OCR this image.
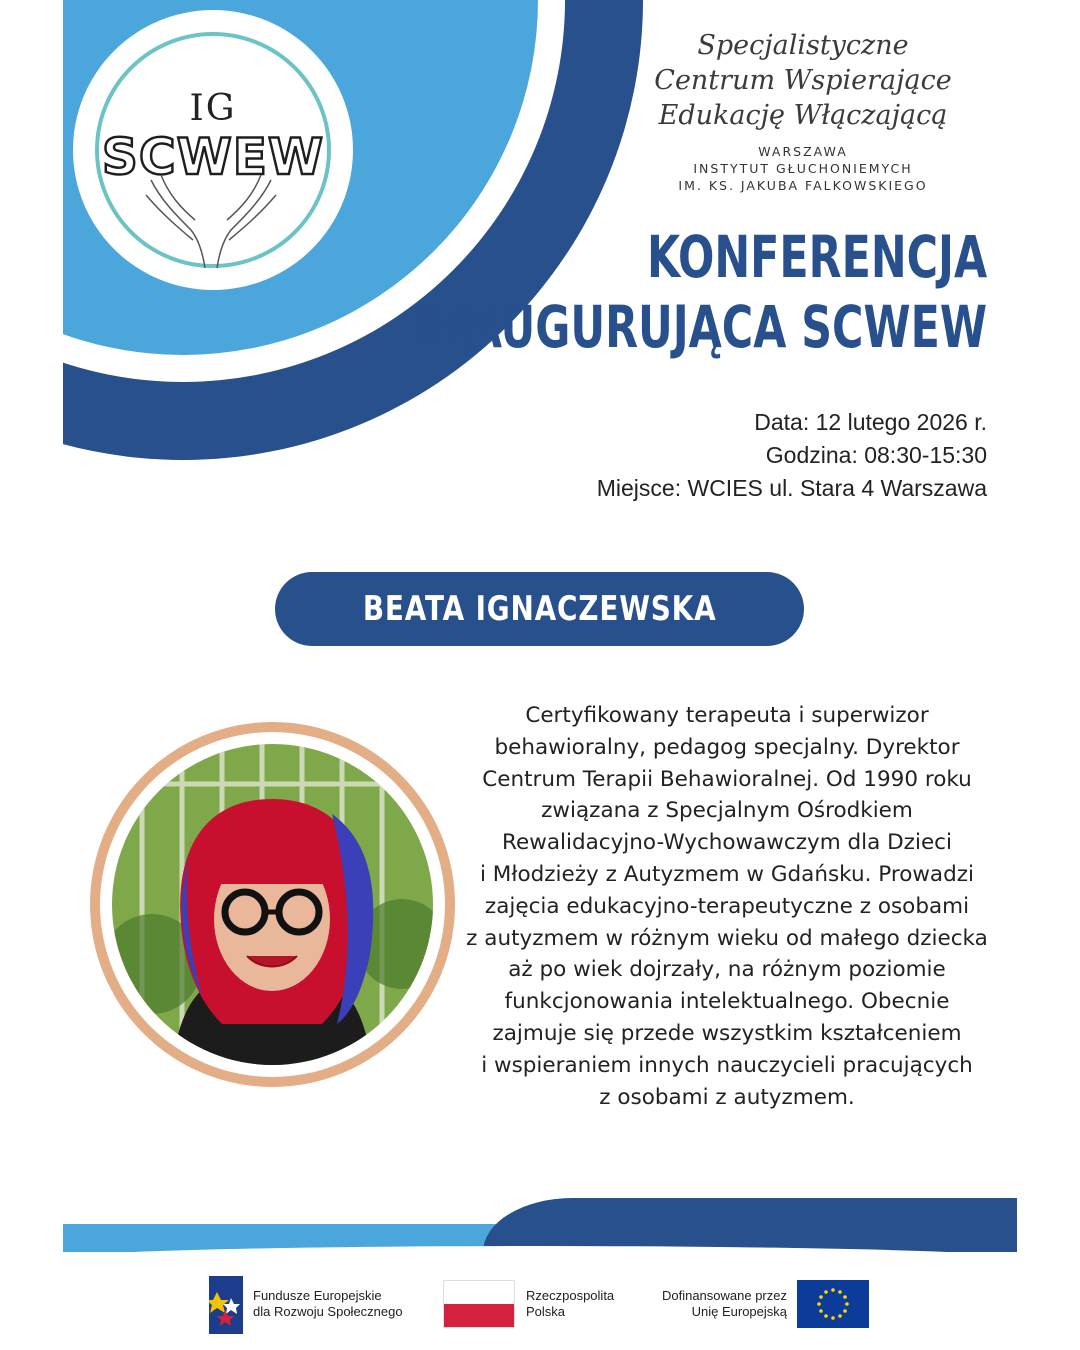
IG
SCWEW
Specjalistyczne
Centrum Wspierające
Edukację Włączającą
WARSZAWA
INSTYTUT GŁUCHONIEMYCH
IM. KS. JAKUBA FALKOWSKIEGO
KONFERENCJA
INAUGURUJĄCA SCWEW
Data: 12 lutego 2026 r.
Godzina: 08:30-15:30
Miejsce: WCIES ul. Stara 4 Warszawa
BEATA IGNACZEWSKA
Certyfikowany terapeuta i superwizor
behawioralny, pedagog specjalny. Dyrektor
Centrum Terapii Behawioralnej. Od 1990 roku
związana z Specjalnym Ośrodkiem
Rewalidacyjno-Wychowawczym dla Dzieci
i Młodzieży z Autyzmem w Gdańsku. Prowadzi
zajęcia edukacyjno-terapeutyczne z osobami
z autyzmem w różnym wieku od małego dziecka
aż po wiek dojrzały, na różnym poziomie
funkcjonowania intelektualnego. Obecnie
zajmuje się przede wszystkim kształceniem
i wspieraniem innych nauczycieli pracujących
z osobami z autyzmem.
Fundusze Europejskie
dla Rozwoju Społecznego
Rzeczpospolita
Polska
Dofinansowane przez
Unię Europejską
